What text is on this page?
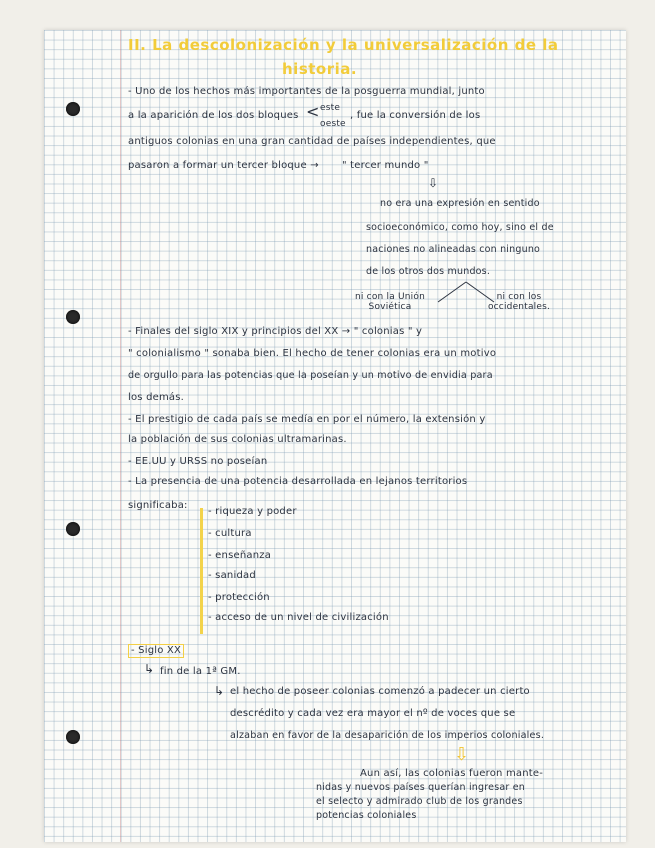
II. La descolonización y la universalización de la
historia.
- Uno de los hechos más importantes de la posguerra mundial, junto
a la aparición de los dos bloques < este
oeste
, fue la conversión de los
antiguos colonias en una gran cantidad de países independientes, que
pasaron a formar un tercer bloque → " tercer mundo "
⇩
no era una expresión en sentido
socioeconómico, como hoy, sino el de
naciones no alineadas con ninguno
de los otros dos mundos.
ni con la Unión Soviética
ni con los occidentales.
- Finales del siglo XIX y principios del XX → " colonias " y
" colonialismo " sonaba bien. El hecho de tener colonias era un motivo
de orgullo para las potencias que la poseían y un motivo de envidia para
los demás.
- El prestigio de cada país se medía en por el número, la extensión y
la población de sus colonias ultramarinas.
- EE.UU y URSS no poseían
- La presencia de una potencia desarrollada en lejanos territorios
significaba:
- riqueza y poder
- cultura
- enseñanza
- sanidad
- protección
- acceso de un nivel de civilización
- Siglo XX
↳ fin de la 1ª GM.
↳ el hecho de poseer colonias comenzó a padecer un cierto
descrédito y cada vez era mayor el nº de voces que se
alzaban en favor de la desaparición de los imperios coloniales.
⇩
Aun así, las colonias fueron mante-
nidas y nuevos países querían ingresar en
el selecto y admirado club de los grandes
potencias coloniales
